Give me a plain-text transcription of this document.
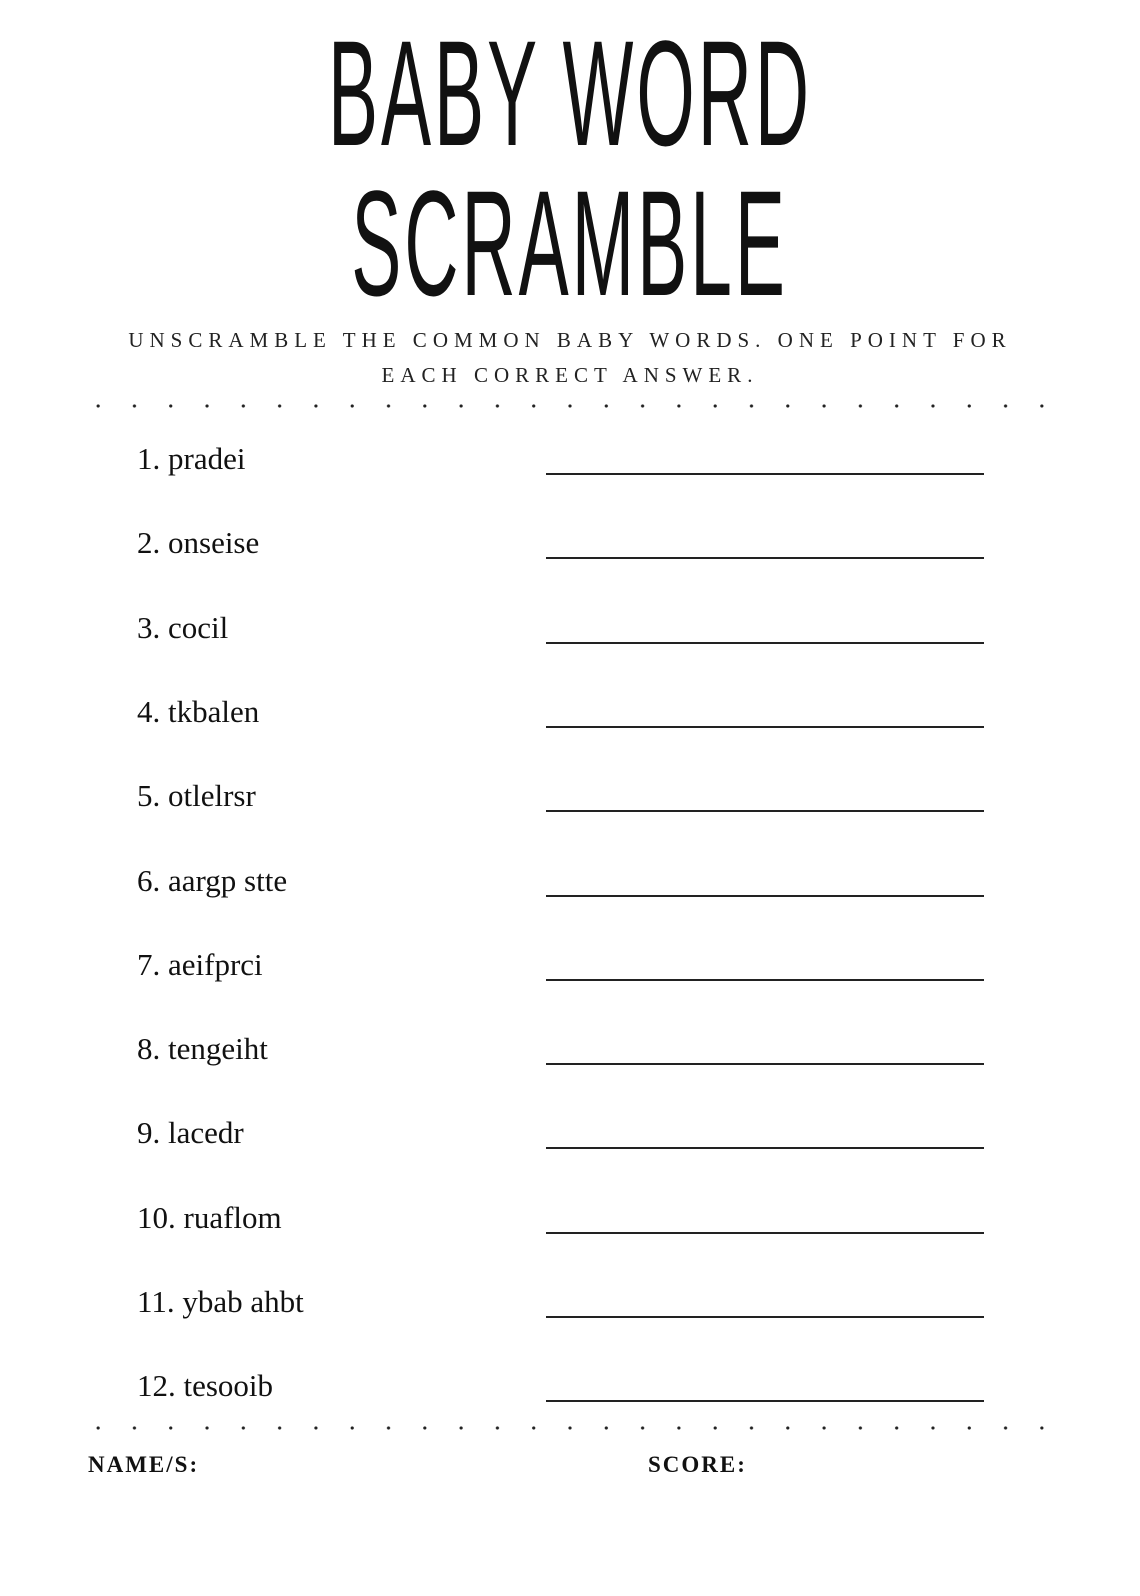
BABY WORD
SCRAMBLE
UNSCRAMBLE THE COMMON BABY WORDS. ONE POINT FOR
EACH CORRECT ANSWER.
1. pradei
2. onseise
3. cocil
4. tkbalen
5. otlelrsr
6. aargp stte
7. aeifprci
8. tengeiht
9. lacedr
10. ruaflom
11. ybab ahbt
12. tesooib
NAME/S:	SCORE:
